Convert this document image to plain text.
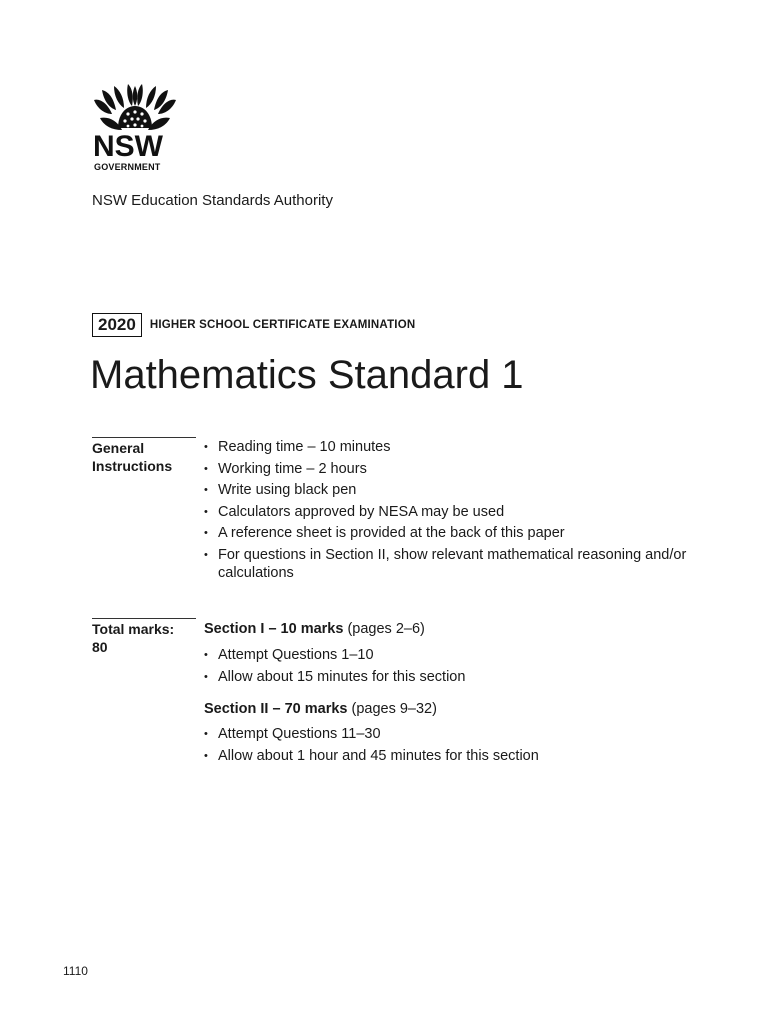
NSW
GOVERNMENT
NSW Education Standards Authority
2020	HIGHER SCHOOL CERTIFICATE EXAMINATION
Mathematics Standard 1
General
Instructions
• Reading time – 10 minutes
• Working time – 2 hours
• Write using black pen
• Calculators approved by NESA may be used
• A reference sheet is provided at the back of this paper
• For questions in Section II, show relevant mathematical reasoning and/or calculations
Total marks:
80
Section I – 10 marks (pages 2–6)
• Attempt Questions 1–10
• Allow about 15 minutes for this section
Section II – 70 marks (pages 9–32)
• Attempt Questions 11–30
• Allow about 1 hour and 45 minutes for this section
1110
